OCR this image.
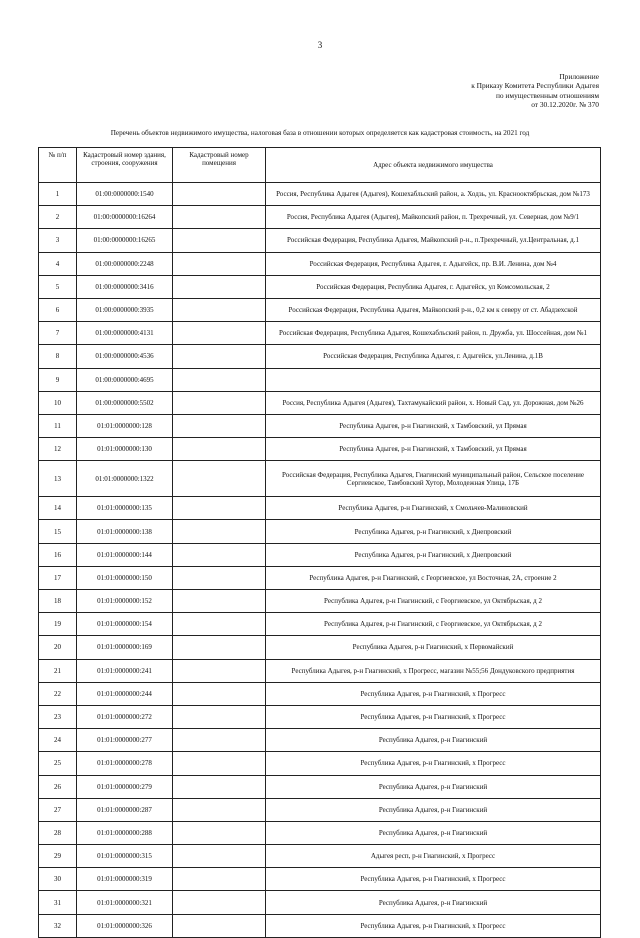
3
Приложение
к Приказу Комитета Республики Адыгея
по имущественным отношениям
от 30.12.2020г. № 370
Перечень объектов недвижимого имущества, налоговая база в отношении которых определяется как кадастровая стоимость, на 2021 год
№ п/п	Кадастровый номер здания, строения, сооружения	Кадастровый номер помещения	Адрес объекта недвижимого имущества
1	01:00:0000000:1540		Россия, Республика Адыгея (Адыгея), Кошехабльский район, а. Ходзь, ул. Краснооктябрьская, дом №173
2	01:00:0000000:16264		Россия, Республика Адыгея (Адыгея), Майкопский район, п. Трехречный, ул. Северная, дом №9/1
3	01:00:0000000:16265		Российская Федерация, Республика Адыгея, Майкопский р-н., п.Трехречный, ул.Центральная, д.1
4	01:00:0000000:2248		Российская Федерация, Республика Адыгея, г. Адыгейск, пр. В.И. Ленина, дом №4
5	01:00:0000000:3416		Российская Федерация, Республика Адыгея, г. Адыгейск, ул Комсомольская, 2
6	01:00:0000000:3935		Российская Федерация, Республика Адыгея, Майкопский р-н., 0,2 км к северу от ст. Абадзехской
7	01:00:0000000:4131		Российская Федерация, Республика Адыгея, Кошехабльский район, п. Дружба, ул. Шоссейная, дом №1
8	01:00:0000000:4536		Российская Федерация, Республика Адыгея, г. Адыгейск, ул.Ленина, д.1В
9	01:00:0000000:4695		
10	01:00:0000000:5502		Россия, Республика Адыгея (Адыгея), Тахтамукайский район, х. Новый Сад, ул. Дорожная, дом №26
11	01:01:0000000:128		Республика Адыгея, р-н Гиагинский, х Тамбовский, ул Прямая
12	01:01:0000000:130		Республика Адыгея, р-н Гиагинский, х Тамбовский, ул Прямая
13	01:01:0000000:1322		Российская Федерация, Республика Адыгея, Гиагинский муниципальный район, Сельское поселение Сергиевское, Тамбовский Хутор, Молодежная Улица, 17Б
14	01:01:0000000:135		Республика Адыгея, р-н Гиагинский, х Смольчев-Малиновский
15	01:01:0000000:138		Республика Адыгея, р-н Гиагинский, х Днепровский
16	01:01:0000000:144		Республика Адыгея, р-н Гиагинский, х Днепровский
17	01:01:0000000:150		Республика Адыгея, р-н Гиагинский, с Георгиевское, ул Восточная, 2А, строение 2
18	01:01:0000000:152		Республика Адыгея, р-н Гиагинский, с Георгиевское, ул Октябрьская, д 2
19	01:01:0000000:154		Республика Адыгея, р-н Гиагинский, с Георгиевское, ул Октябрьская, д 2
20	01:01:0000000:169		Республика Адыгея, р-н Гиагинский, х Первомайский
21	01:01:0000000:241		Республика Адыгея, р-н Гиагинский, х Прогресс, магазин №55;56 Дондуковского предприятия
22	01:01:0000000:244		Республика Адыгея, р-н Гиагинский, х Прогресс
23	01:01:0000000:272		Республика Адыгея, р-н Гиагинский, х Прогресс
24	01:01:0000000:277		Республика Адыгея, р-н Гиагинский
25	01:01:0000000:278		Республика Адыгея, р-н Гиагинский, х Прогресс
26	01:01:0000000:279		Республика Адыгея, р-н Гиагинский
27	01:01:0000000:287		Республика Адыгея, р-н Гиагинский
28	01:01:0000000:288		Республика Адыгея, р-н Гиагинский
29	01:01:0000000:315		Адыгея респ, р-н Гиагинский, х Прогресс
30	01:01:0000000:319		Республика Адыгея, р-н Гиагинский, х Прогресс
31	01:01:0000000:321		Республика Адыгея, р-н Гиагинский
32	01:01:0000000:326		Республика Адыгея, р-н Гиагинский, х Прогресс
